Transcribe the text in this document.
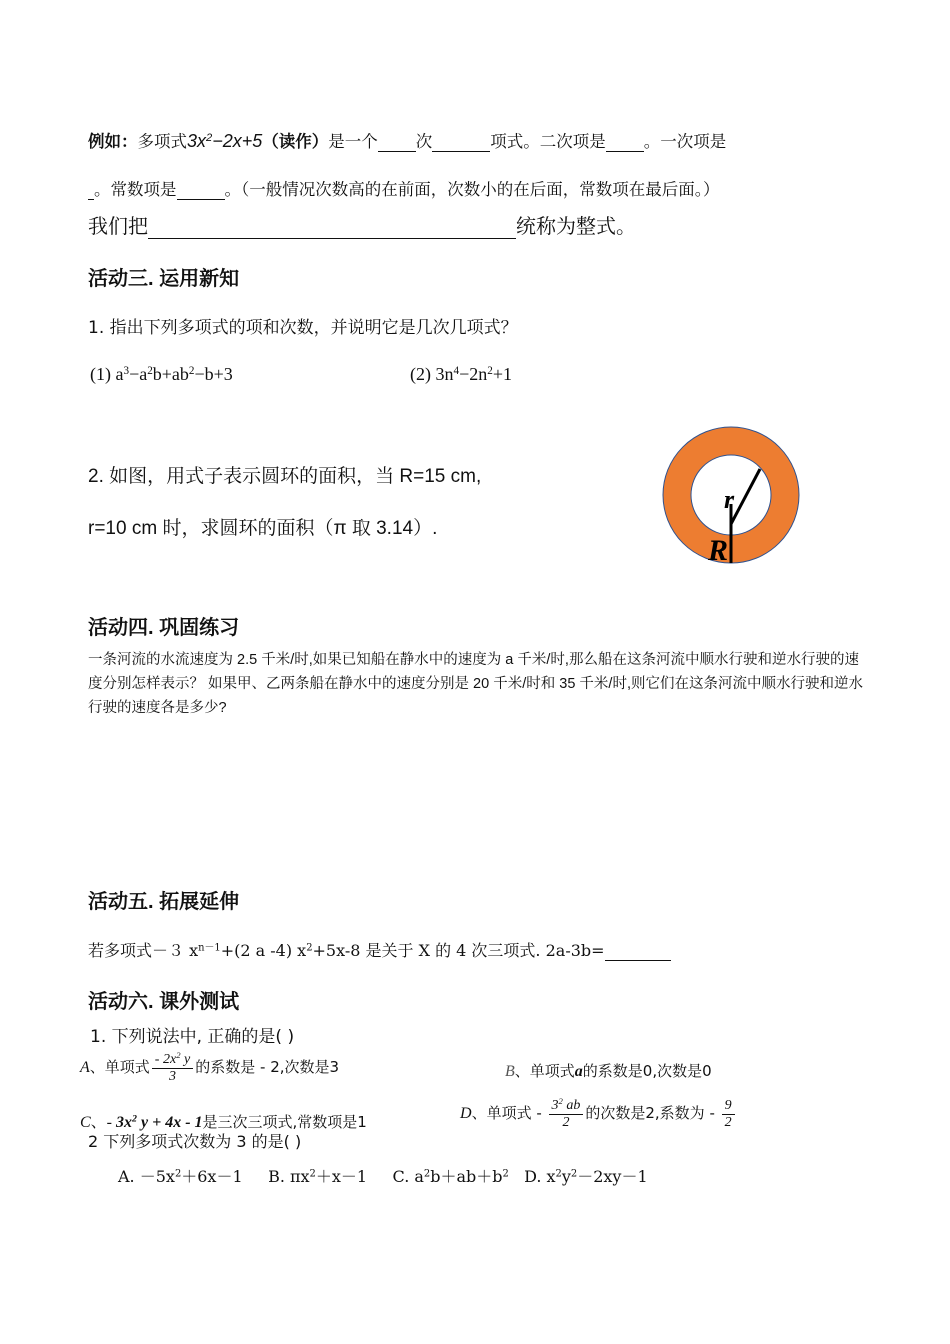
例如：多项式$3x^2-2x+5$（读作）是一个 次	项式。二次项是 。一次项是
。常数项是	。（一般情况次数高的在前面，次数小的在后面，常数项在最后面。）
我们把	统称为整式。
活动三. 运用新知
1. 指出下列多项式的项和次数，并说明它是几次几项式？
(1) $a^3-a^2b+ab^2-b+3$	(2) $3n^4-2n^2+1$
2. 如图，用式子表示圆环的面积，当 R=15 cm,
r=10 cm 时，求圆环的面积（π 取 3.14）.
r
R
活动四. 巩固练习
一条河流的水流速度为 2.5 千米/时,如果已知船在静水中的速度为 a 千米/时,那么船在这条河流中顺水行驶和逆水行驶的速度分别怎样表示？ 如果甲、乙两条船在静水中的速度分别是 20 千米/时和 35 千米/时,则它们在这条河流中顺水行驶和逆水行驶的速度各是多少?
活动五. 拓展延伸
若多项式－３ $x^{n-1}+(2$ a -4) $x^2+5x-8$ 是关于 X 的 4 次三项式. 2a-3b=
活动六. 课外测试
1. 下列说法中, 正确的是( )
A、单项式 $\frac{- 2x^2 y}{3}$ 的系数是 - 2,次数是3	B、单项式a的系数是0,次数是0
C、- $3x^2$ y + 4x - 1是三次三项式,常数项是1	D、单项式 - $\frac{3^2 ab}{2}$ 的次数是2,系数为 - $\frac{9}{2}$
2 下列多项式次数为 3 的是( )
A. $-5x^2+6x-1$ B. $\pi x^2+x-1$ C. $a^2b+ab+b^2$ D. $x^2y^2-2xy-1$
